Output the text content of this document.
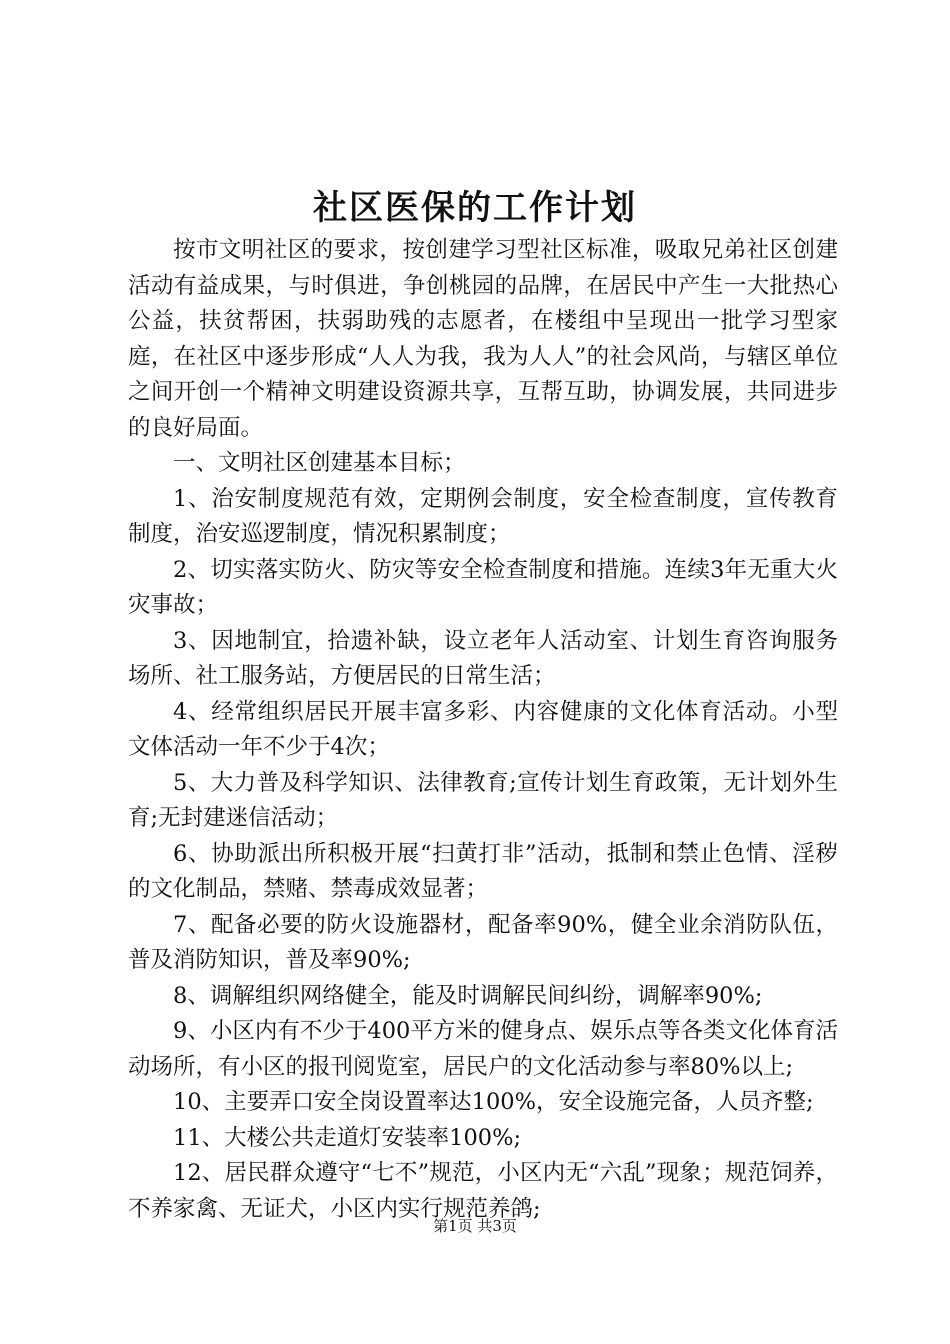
社区医保的工作计划

按市文明社区的要求，按创建学习型社区标准，吸取兄弟社区创建活动有益成果，与时俱进，争创桃园的品牌，在居民中产生一大批热心公益，扶贫帮困，扶弱助残的志愿者，在楼组中呈现出一批学习型家庭，在社区中逐步形成“人人为我，我为人人”的社会风尚，与辖区单位之间开创一个精神文明建设资源共享，互帮互助，协调发展，共同进步的良好局面。

一、文明社区创建基本目标；

1、治安制度规范有效，定期例会制度，安全检查制度，宣传教育制度，治安巡逻制度，情况积累制度；

2、切实落实防火、防灾等安全检查制度和措施。连续3年无重大火灾事故；

3、因地制宜，拾遗补缺，设立老年人活动室、计划生育咨询服务场所、社工服务站，方便居民的日常生活；

4、经常组织居民开展丰富多彩、内容健康的文化体育活动。小型文体活动一年不少于4次；

5、大力普及科学知识、法律教育;宣传计划生育政策，无计划外生育;无封建迷信活动；

6、协助派出所积极开展“扫黄打非”活动，抵制和禁止色情、淫秽的文化制品，禁赌、禁毒成效显著；

7、配备必要的防火设施器材，配备率90%，健全业余消防队伍，普及消防知识，普及率90%;

8、调解组织网络健全，能及时调解民间纠纷，调解率90%;

9、小区内有不少于400平方米的健身点、娱乐点等各类文化体育活动场所，有小区的报刊阅览室，居民户的文化活动参与率80%以上;

10、主要弄口安全岗设置率达100%，安全设施完备，人员齐整;

11、大楼公共走道灯安装率100%;

12、居民群众遵守“七不”规范，小区内无“六乱”现象；规范饲养，不养家禽、无证犬，小区内实行规范养鸽;

第1页 共3页
